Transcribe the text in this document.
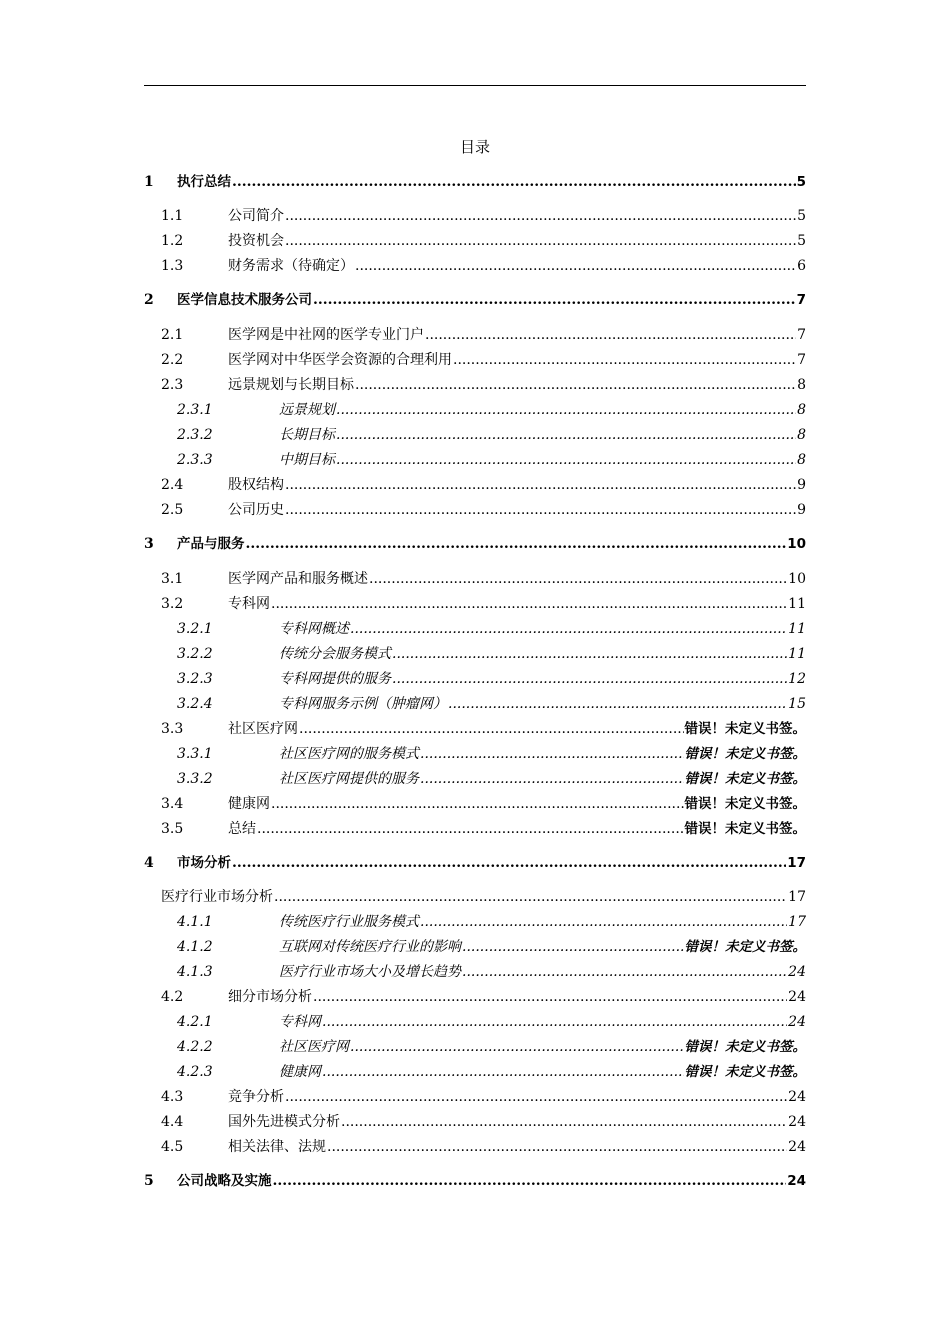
目录
1 执行总结 .....	5
1.1	公司简介 .....	5
1.2	投资机会 .....	5
1.3	财务需求（待确定） .....	6
2 医学信息技术服务公司 .....	7
2.1	医学网是中社网的医学专业门户 .....	7
2.2	医学网对中华医学会资源的合理利用 .....	7
2.3	远景规划与长期目标 .....	8
2.3.1	远景规划 .....	8
2.3.2	长期目标 .....	8
2.3.3	中期目标 .....	8
2.4	股权结构 .....	9
2.5	公司历史 .....	9
3 产品与服务 .....	10
3.1	医学网产品和服务概述 .....	10
3.2	专科网 .....	11
3.2.1	专科网概述 .....	11
3.2.2	传统分会服务模式 .....	11
3.2.3	专科网提供的服务 .....	12
3.2.4	专科网服务示例（肿瘤网） .....	15
3.3	社区医疗网 .....	错误！未定义书签。
3.3.1	社区医疗网的服务模式 .....	错误！未定义书签。
3.3.2	社区医疗网提供的服务 .....	错误！未定义书签。
3.4	健康网 .....	错误！未定义书签。
3.5	总结 .....	错误！未定义书签。
4 市场分析 .....	17
医疗行业市场分析 .....	17
4.1.1	传统医疗行业服务模式 .....	17
4.1.2	互联网对传统医疗行业的影响 .....	错误！未定义书签。
4.1.3	医疗行业市场大小及增长趋势 .....	24
4.2	细分市场分析 .....	24
4.2.1	专科网 .....	24
4.2.2	社区医疗网 .....	错误！未定义书签。
4.2.3	健康网 .....	错误！未定义书签。
4.3	竞争分析 .....	24
4.4	国外先进模式分析 .....	24
4.5	相关法律、法规 .....	24
5 公司战略及实施 .....	24
